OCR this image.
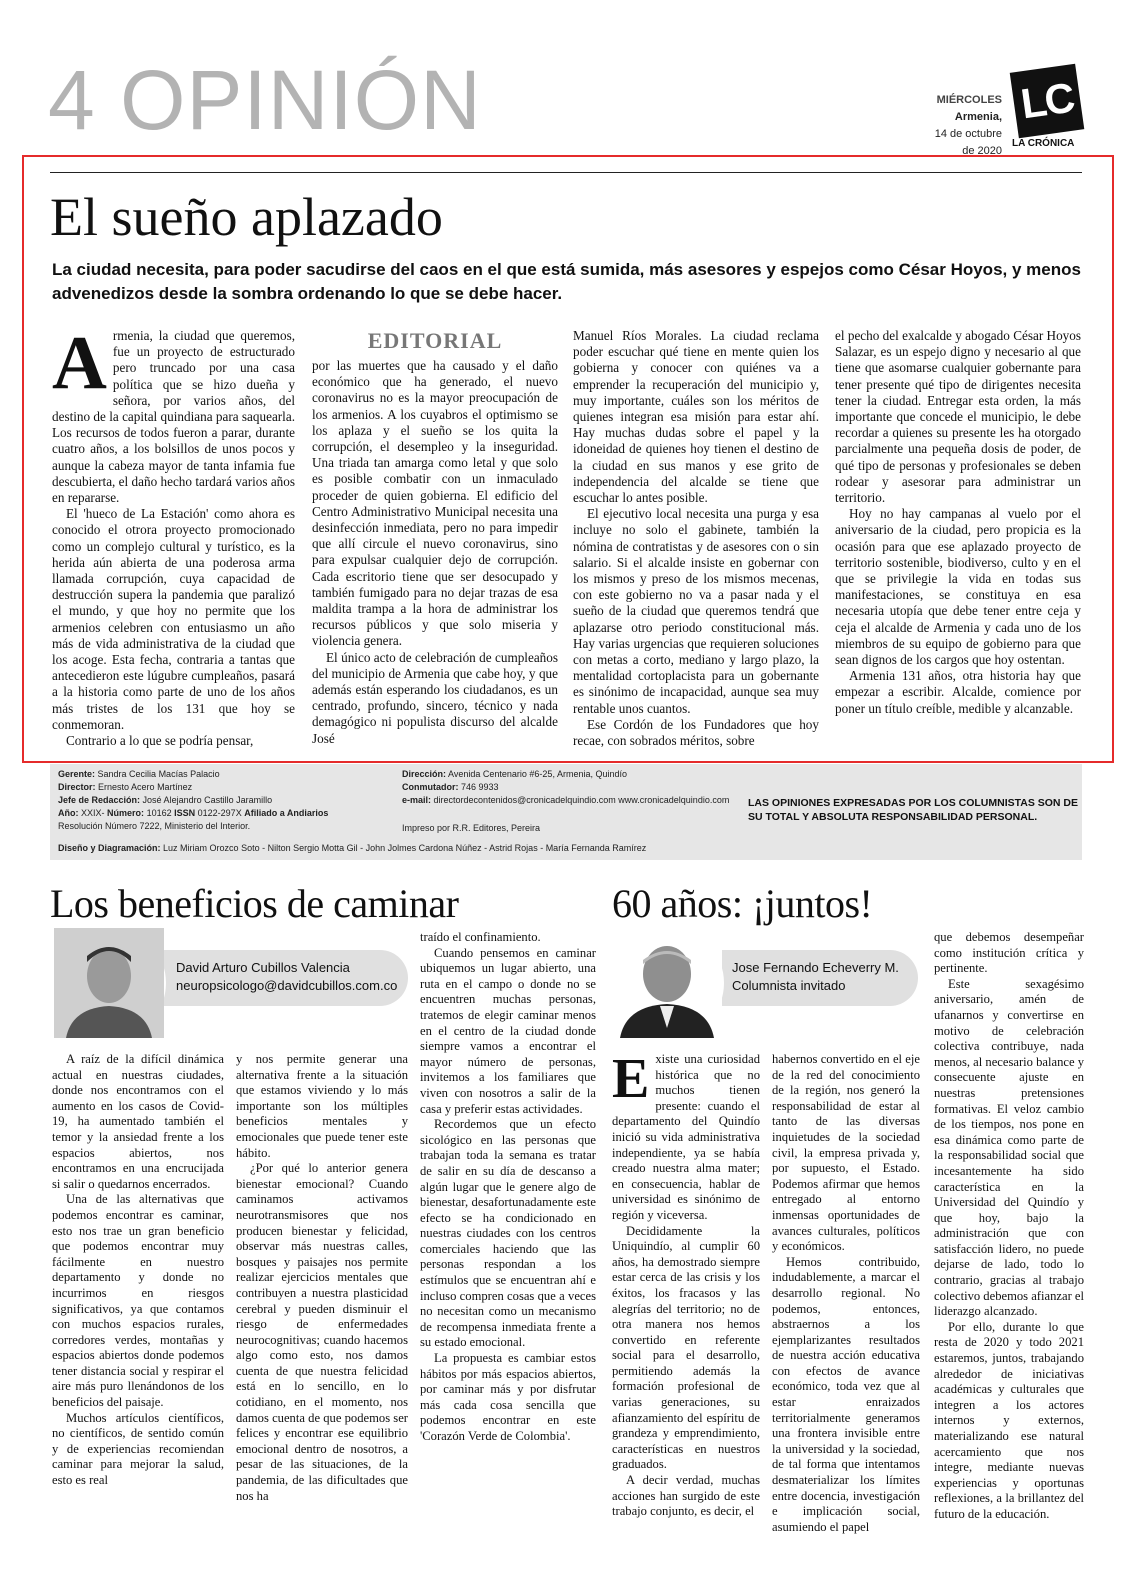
4 OPINIÓN	MIÉRCOLES
Armenia,
14 de octubre
de 2020
LC
LA CRÓNICA
El sueño aplazado
La ciudad necesita, para poder sacudirse del caos en el que está sumida, más asesores y espejos como César Hoyos, y menos advenedizos desde la sombra ordenando lo que se debe hacer.
A rmenia, la ciudad que queremos, fue un proyecto de estructurado pero truncado por una casa política que se hizo dueña y señora, por varios años, del destino de la capital quindiana para saquearla. Los recursos de todos fueron a parar, durante cuatro años, a los bolsillos de unos pocos y aunque la cabeza mayor de tanta infamia fue descubierta, el daño hecho tardará varios años en repararse.

El 'hueco de La Estación' como ahora es conocido el otrora proyecto promocionado como un complejo cultural y turístico, es la herida aún abierta de una poderosa arma llamada corrupción, cuya capacidad de destrucción supera la pandemia que paralizó el mundo, y que hoy no permite que los armenios celebren con entusiasmo un año más de vida administrativa de la ciudad que los acoge. Esta fecha, contraria a tantas que antecedieron este lúgubre cumpleaños, pasará a la historia como parte de uno de los años más tristes de los 131 que hoy se conmemoran.

Contrario a lo que se podría pensar,

EDITORIAL

por las muertes que ha causado y el daño económico que ha generado, el nuevo coronavirus no es la mayor preocupación de los armenios. A los cuyabros el optimismo se los aplaza y el sueño se los quita la corrupción, el desempleo y la inseguridad. Una triada tan amarga como letal y que solo es posible combatir con un inmaculado proceder de quien gobierna. El edificio del Centro Administrativo Municipal necesita una desinfección inmediata, pero no para impedir que allí circule el nuevo coronavirus, sino para expulsar cualquier dejo de corrupción. Cada escritorio tiene que ser desocupado y también fumigado para no dejar trazas de esa maldita trampa a la hora de administrar los recursos públicos y que solo miseria y violencia genera.

El único acto de celebración de cumpleaños del municipio de Armenia que cabe hoy, y que además están esperando los ciudadanos, es un centrado, profundo, sincero, técnico y nada demagógico ni populista discurso del alcalde José

Manuel Ríos Morales. La ciudad reclama poder escuchar qué tiene en mente quien los gobierna y conocer con quiénes va a emprender la recuperación del municipio y, muy importante, cuáles son los méritos de quienes integran esa misión para estar ahí. Hay muchas dudas sobre el papel y la idoneidad de quienes hoy tienen el destino de la ciudad en sus manos y ese grito de independencia del alcalde se tiene que escuchar lo antes posible.

El ejecutivo local necesita una purga y esa incluye no solo el gabinete, también la nómina de contratistas y de asesores con o sin salario. Si el alcalde insiste en gobernar con los mismos y preso de los mismos mecenas, con este gobierno no va a pasar nada y el sueño de la ciudad que queremos tendrá que aplazarse otro periodo constitucional más. Hay varias urgencias que requieren soluciones con metas a corto, mediano y largo plazo, la mentalidad cortoplacista para un gobernante es sinónimo de incapacidad, aunque sea muy rentable unos cuantos.

Ese Cordón de los Fundadores que hoy recae, con sobrados méritos, sobre

el pecho del exalcalde y abogado César Hoyos Salazar, es un espejo digno y necesario al que tiene que asomarse cualquier gobernante para tener presente qué tipo de dirigentes necesita tener la ciudad. Entregar esta orden, la más importante que concede el municipio, le debe recordar a quienes su presente les ha otorgado parcialmente una pequeña dosis de poder, de qué tipo de personas y profesionales se deben rodear y asesorar para administrar un territorio.

Hoy no hay campanas al vuelo por el aniversario de la ciudad, pero propicia es la ocasión para que ese aplazado proyecto de territorio sostenible, biodiverso, culto y en el que se privilegie la vida en todas sus manifestaciones, se constituya en esa necesaria utopía que debe tener entre ceja y ceja el alcalde de Armenia y cada uno de los miembros de su equipo de gobierno para que sean dignos de los cargos que hoy ostentan.

Armenia 131 años, otra historia hay que empezar a escribir. Alcalde, comience por poner un título creíble, medible y alcanzable.

Gerente: Sandra Cecilia Macías Palacio
Director: Ernesto Acero Martínez
Jefe de Redacción: José Alejandro Castillo Jaramillo
Año: XXIX- Número: 10162 ISSN 0122-297X Afiliado a Andiarios
Resolución Número 7222, Ministerio del Interior.
Diseño y Diagramación: Luz Miriam Orozco Soto - Nilton Sergio Motta Gil - John Jolmes Cardona Núñez - Astrid Rojas - María Fernanda Ramírez
Dirección: Avenida Centenario #6-25, Armenia, Quindío
Conmutador: 746 9933
e-mail: directordecontenidos@cronicadelquindio.com www.cronicadelquindio.com
Impreso por R.R. Editores, Pereira
LAS OPINIONES EXPRESADAS POR LOS COLUMNISTAS SON DE SU TOTAL Y ABSOLUTA RESPONSABILIDAD PERSONAL.
Los beneficios de caminar
David Arturo Cubillos Valencia
neuropsicologo@davidcubillos.com.co

A raíz de la difícil dinámica actual en nuestras ciudades, donde nos encontramos con el aumento en los casos de Covid-19, ha aumentado también el temor y la ansiedad frente a los espacios abiertos, nos encontramos en una encrucijada si salir o quedarnos encerrados.

Una de las alternativas que podemos encontrar es caminar, esto nos trae un gran beneficio que podemos encontrar muy fácilmente en nuestro departamento y donde no incurrimos en riesgos significativos, ya que contamos con muchos espacios rurales, corredores verdes, montañas y espacios abiertos donde podemos tener distancia social y respirar el aire más puro llenándonos de los beneficios del paisaje.

Muchos artículos científicos, no científicos, de sentido común y de experiencias recomiendan caminar para mejorar la salud, esto es real

y nos permite generar una alternativa frente a la situación que estamos viviendo y lo más importante son los múltiples beneficios mentales y emocionales que puede tener este hábito.

¿Por qué lo anterior genera bienestar emocional? Cuando caminamos activamos neurotransmisores que nos producen bienestar y felicidad, observar más nuestras calles, bosques y paisajes nos permite realizar ejercicios mentales que contribuyen a nuestra plasticidad cerebral y pueden disminuir el riesgo de enfermedades neurocognitivas; cuando hacemos algo como esto, nos damos cuenta de que nuestra felicidad está en lo sencillo, en lo cotidiano, en el momento, nos damos cuenta de que podemos ser felices y encontrar ese equilibrio emocional dentro de nosotros, a pesar de las situaciones, de la pandemia, de las dificultades que nos ha

traído el confinamiento.

Cuando pensemos en caminar ubiquemos un lugar abierto, una ruta en el campo o donde no se encuentren muchas personas, tratemos de elegir caminar menos en el centro de la ciudad donde siempre vamos a encontrar el mayor número de personas, invitemos a los familiares que viven con nosotros a salir de la casa y preferir estas actividades.

Recordemos que un efecto sicológico en las personas que trabajan toda la semana es tratar de salir en su día de descanso a algún lugar que le genere algo de bienestar, desafortunadamente este efecto se ha condicionado en nuestras ciudades con los centros comerciales haciendo que las personas respondan a los estímulos que se encuentran ahí e incluso compren cosas que a veces no necesitan como un mecanismo de recompensa inmediata frente a su estado emocional.

La propuesta es cambiar estos hábitos por más espacios abiertos, por caminar más y por disfrutar más cada cosa sencilla que podemos encontrar en este 'Corazón Verde de Colombia'.

60 años: ¡juntos!
Jose Fernando Echeverry M.
Columnista invitado
E xiste una curiosidad histórica que no muchos tienen presente: cuando el departamento del Quindío inició su vida administrativa independiente, ya se había creado nuestra alma mater; en consecuencia, hablar de universidad es sinónimo de región y viceversa.

Decididamente la Uniquindío, al cumplir 60 años, ha demostrado siempre estar cerca de las crisis y los éxitos, los fracasos y las alegrías del territorio; no de otra manera nos hemos convertido en referente social para el desarrollo, permitiendo además la formación profesional de varias generaciones, su afianzamiento del espíritu de grandeza y emprendimiento, características en nuestros graduados.

A decir verdad, muchas acciones han surgido de este trabajo conjunto, es decir, el

habernos convertido en el eje de la red del conocimiento de la región, nos generó la responsabilidad de estar al tanto de las diversas inquietudes de la sociedad civil, la empresa privada y, por supuesto, el Estado. Podemos afirmar que hemos entregado al entorno inmensas oportunidades de avances culturales, políticos y económicos.

Hemos contribuido, indudablemente, a marcar el desarrollo regional. No podemos, entonces, abstraernos a los ejemplarizantes resultados de nuestra acción educativa con efectos de avance económico, toda vez que al estar enraizados territorialmente generamos una frontera invisible entre la universidad y la sociedad, de tal forma que intentamos desmaterializar los límites entre docencia, investigación e implicación social, asumiendo el papel

que debemos desempeñar como institución crítica y pertinente.

Este sexagésimo aniversario, amén de ufanarnos y convertirse en motivo de celebración colectiva contribuye, nada menos, al necesario balance y consecuente ajuste en nuestras pretensiones formativas. El veloz cambio de los tiempos, nos pone en esa dinámica como parte de la responsabilidad social que incesantemente ha sido característica en la Universidad del Quindío y que hoy, bajo la administración que con satisfacción lidero, no puede dejarse de lado, todo lo contrario, gracias al trabajo colectivo debemos afianzar el liderazgo alcanzado.

Por ello, durante lo que resta de 2020 y todo 2021 estaremos, juntos, trabajando alrededor de iniciativas académicas y culturales que integren a los actores internos y externos, materializando ese natural acercamiento que nos integre, mediante nuevas experiencias y oportunas reflexiones, a la brillantez del futuro de la educación.
